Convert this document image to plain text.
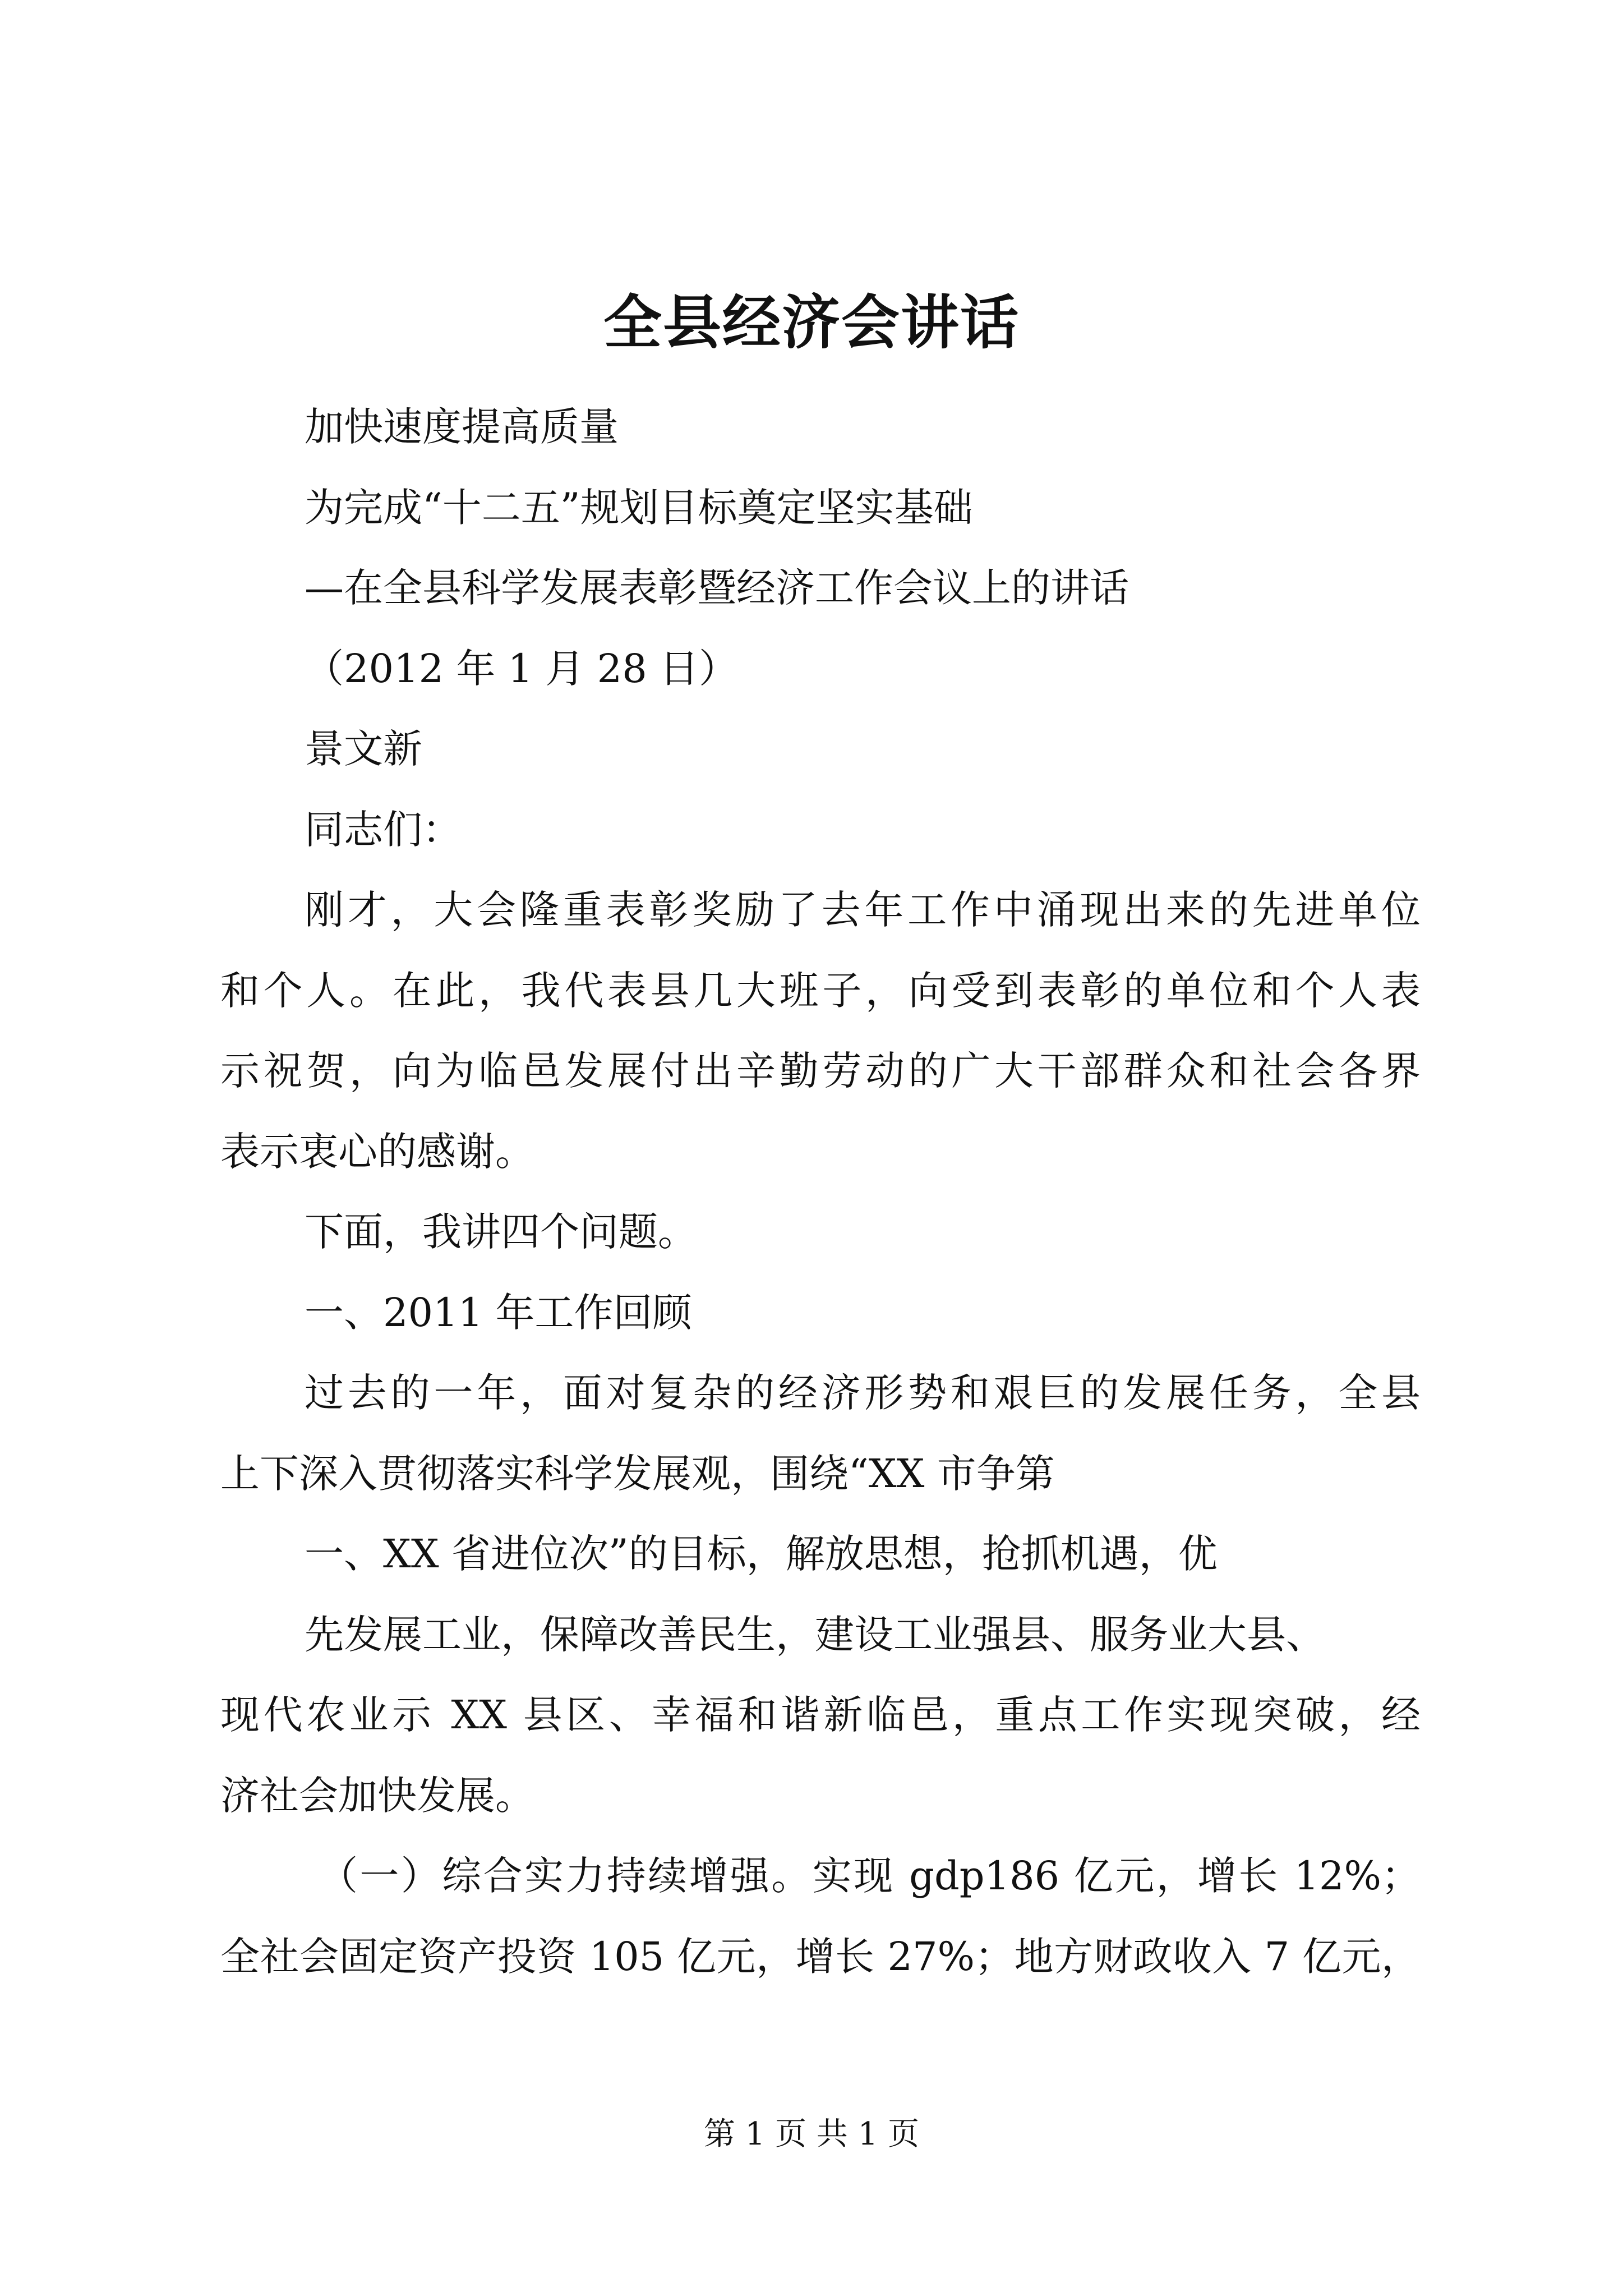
全县经济会讲话

加快速度提高质量

为完成“十二五”规划目标奠定坚实基础

—在全县科学发展表彰暨经济工作会议上的讲话

（2012 年 1 月 28 日）

景文新

同志们：

刚才，大会隆重表彰奖励了去年工作中涌现出来的先进单位

和个人。在此，我代表县几大班子，向受到表彰的单位和个人表

示祝贺，向为临邑发展付出辛勤劳动的广大干部群众和社会各界

表示衷心的感谢。

下面，我讲四个问题。

一、2011 年工作回顾

过去的一年，面对复杂的经济形势和艰巨的发展任务，全县

上下深入贯彻落实科学发展观，围绕“XX 市争第

一、XX 省进位次”的目标，解放思想，抢抓机遇，优

先发展工业，保障改善民生，建设工业强县、服务业大县、

现代农业示 XX 县区、幸福和谐新临邑，重点工作实现突破，经

济社会加快发展。

（一）综合实力持续增强。实现 gdp186 亿元，增长 12%；

全社会固定资产投资 105 亿元，增长 27%；地方财政收入 7 亿元，

第 1 页 共 1 页
